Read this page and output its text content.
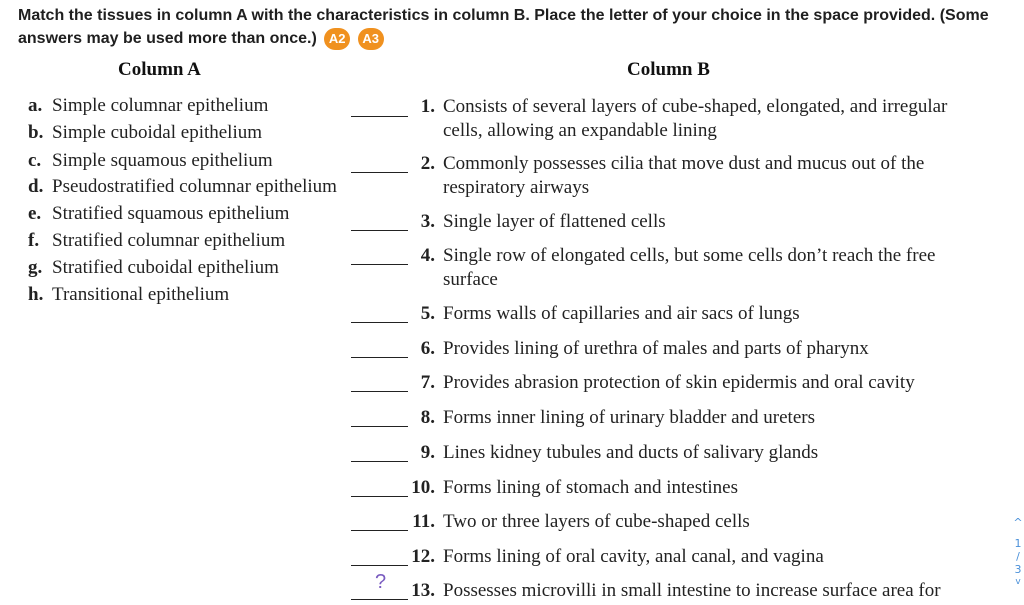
Match the tissues in column A with the characteristics in column B. Place the letter of your choice in the space provided. (Some answers may be used more than once.) A2 A3
Column A	Column B
a. Simple columnar epithelium
b. Simple cuboidal epithelium
c. Simple squamous epithelium
d. Pseudostratified columnar epithelium
e. Stratified squamous epithelium
f. Stratified columnar epithelium
g. Stratified cuboidal epithelium
h. Transitional epithelium
1. Consists of several layers of cube-shaped, elongated, and irregular cells, allowing an expandable lining
2. Commonly possesses cilia that move dust and mucus out of the respiratory airways
3. Single layer of flattened cells
4. Single row of elongated cells, but some cells don’t reach the free surface
5. Forms walls of capillaries and air sacs of lungs
6. Provides lining of urethra of males and parts of pharynx
7. Provides abrasion protection of skin epidermis and oral cavity
8. Forms inner lining of urinary bladder and ureters
9. Lines kidney tubules and ducts of salivary glands
10. Forms lining of stomach and intestines
11. Two or three layers of cube-shaped cells
12. Forms lining of oral cavity, anal canal, and vagina
13. Possesses microvilli in small intestine to increase surface area for
?
^
1
/
3
v
